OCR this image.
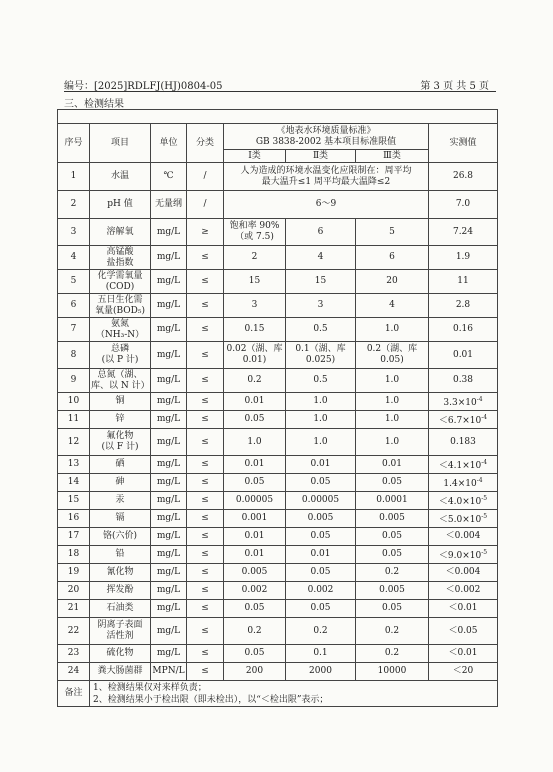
编号：[2025]RDLFJ(HJ)0804-05	第 3 页 共 5 页
三、检测结果

序号	项目	单位	分类	《地表水环境质量标准》
GB 3838-2002 基本项目标准限值			实测值
				Ⅰ类	Ⅱ类	Ⅲ类	
1	水温	℃	/	人为造成的环境水温变化应限制在：周平均
最大温升≤1 周平均最大温降≤2			26.8
2	pH 值	无量纲	/	6～9			7.0
3	溶解氧	mg/L	≥	饱和率 90%
（或 7.5)	6	5	7.24
4	高锰酸
盐指数	mg/L	≤	2	4	6	1.9
5	化学需氧量
(COD)	mg/L	≤	15	15	20	11
6	五日生化需
氧量(BOD₅)	mg/L	≤	3	3	4	2.8
7	氨氮
（NH₃-N）	mg/L	≤	0.15	0.5	1.0	0.16
8	总磷
(以 P 计)	mg/L	≤	0.02（湖、库
0.01)	0.1（湖、库
0.025)	0.2（湖、库
0.05)	0.01
9	总氮（湖、
库、以 N 计）	mg/L	≤	0.2	0.5	1.0	0.38
10	铜	mg/L	≤	0.01	1.0	1.0	$3.3\times 10^{-4}$
11	锌	mg/L	≤	0.05	1.0	1.0	$<6.7\times 10^{-4}$
12	氟化物
(以 F 计)	mg/L	≤	1.0	1.0	1.0	0.183
13	硒	mg/L	≤	0.01	0.01	0.01	$<4.1\times 10^{-4}$
14	砷	mg/L	≤	0.05	0.05	0.05	$1.4\times 10^{-4}$
15	汞	mg/L	≤	0.00005	0.00005	0.0001	$<4.0\times 10^{-5}$
16	镉	mg/L	≤	0.001	0.005	0.005	$<5.0\times 10^{-5}$
17	铬(六价)	mg/L	≤	0.01	0.05	0.05	＜0.004
18	铅	mg/L	≤	0.01	0.01	0.05	$<9.0\times 10^{-5}$
19	氰化物	mg/L	≤	0.005	0.05	0.2	＜0.004
20	挥发酚	mg/L	≤	0.002	0.002	0.005	＜0.002
21	石油类	mg/L	≤	0.05	0.05	0.05	＜0.01
22	阴离子表面
活性剂	mg/L	≤	0.2	0.2	0.2	＜0.05
23	硫化物	mg/L	≤	0.05	0.1	0.2	＜0.01
24	粪大肠菌群	MPN/L	≤	200	2000	10000	＜20
备注	1、检测结果仅对来样负责；
2、检测结果小于检出限（即未检出），以“＜检出限”表示；						
